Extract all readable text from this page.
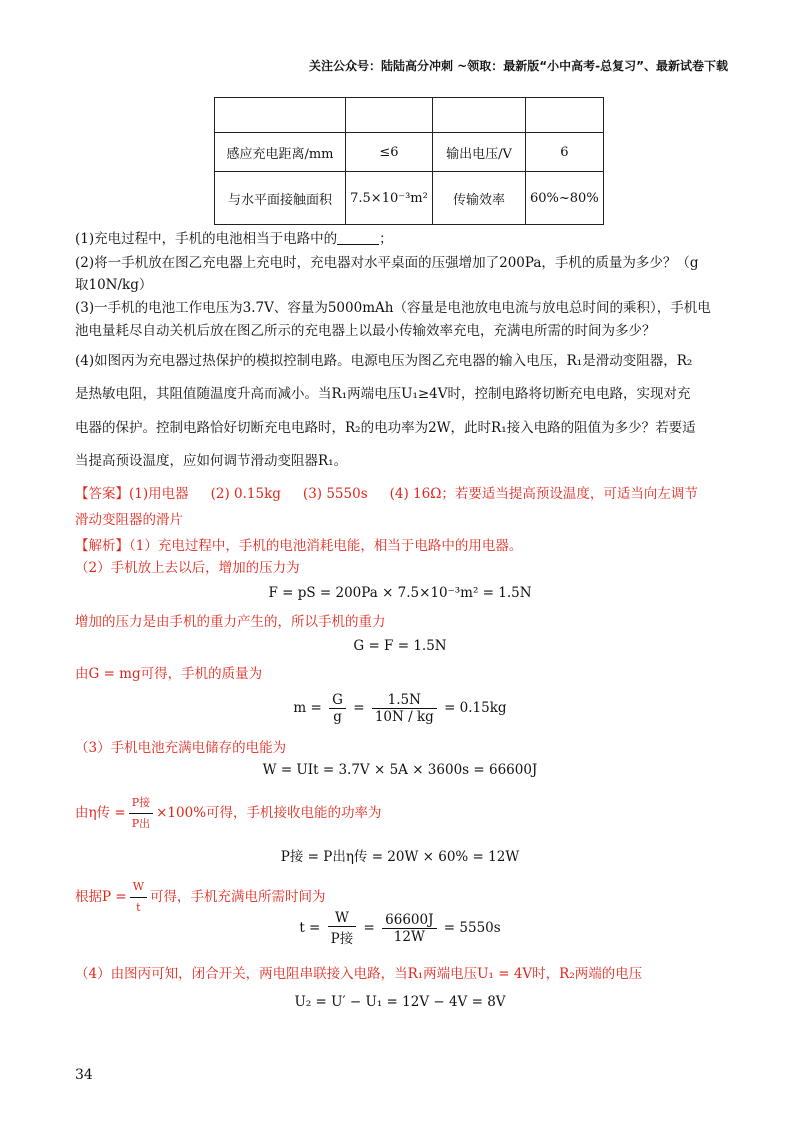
关注公众号：陆陆高分冲刺 ~领取：最新版“小中高考-总复习”、最新试卷下载

感应充电距离/mm	≤6	输出电压/V	6
与水平面接触面积	7.5×10⁻³m²	传输效率	60%~80%
(1)充电过程中，手机的电池相当于电路中的	；
(2)将一手机放在图乙充电器上充电时，充电器对水平桌面的压强增加了200Pa，手机的质量为多少？（g
取10N/kg）
(3)一手机的电池工作电压为3.7V、容量为5000mAh（容量是电池放电电流与放电总时间的乘积），手机电
池电量耗尽自动关机后放在图乙所示的充电器上以最小传输效率充电，充满电所需的时间为多少？
(4)如图丙为充电器过热保护的模拟控制电路。电源电压为图乙充电器的输入电压，R₁是滑动变阻器，R₂
是热敏电阻，其阻值随温度升高而减小。当R₁两端电压U₁≥4V时，控制电路将切断充电电路，实现对充
电器的保护。控制电路恰好切断充电电路时，R₂的电功率为2W，此时R₁接入电路的阻值为多少？若要适
当提高预设温度，应如何调节滑动变阻器R₁。
【答案】(1)用电器 (2) 0.15kg (3) 5550s (4) 16Ω；若要适当提高预设温度，可适当向左调节
滑动变阻器的滑片
【解析】（1）充电过程中，手机的电池消耗电能，相当于电路中的用电器。
（2）手机放上去以后，增加的压力为
F = pS = 200Pa × 7.5×10⁻³m² = 1.5N
增加的压力是由手机的重力产生的，所以手机的重力
G = F = 1.5N
由G = mg可得，手机的质量为
$m = \frac{G}{g} = \frac{1.5N}{10N / kg} = 0.15kg$
（3）手机电池充满电储存的电能为
W = UIt = 3.7V × 5A × 3600s = 66600J
由η传 = $\frac{\text{P接}}{\text{P出}} \times 100\%$可得，手机接收电能的功率为
P接 = P出η传 = 20W × 60% = 12W
根据$P = \frac{W}{t}$ 可得，手机充满电所需时间为
$t = \frac{W}{\text{P接}} = \frac{66600J}{12W} = 5550s$
（4）由图丙可知，闭合开关，两电阻串联接入电路，当R₁两端电压U₁ = 4V时，R₂两端的电压
U₂ = U′ − U₁ = 12V − 4V = 8V
34
